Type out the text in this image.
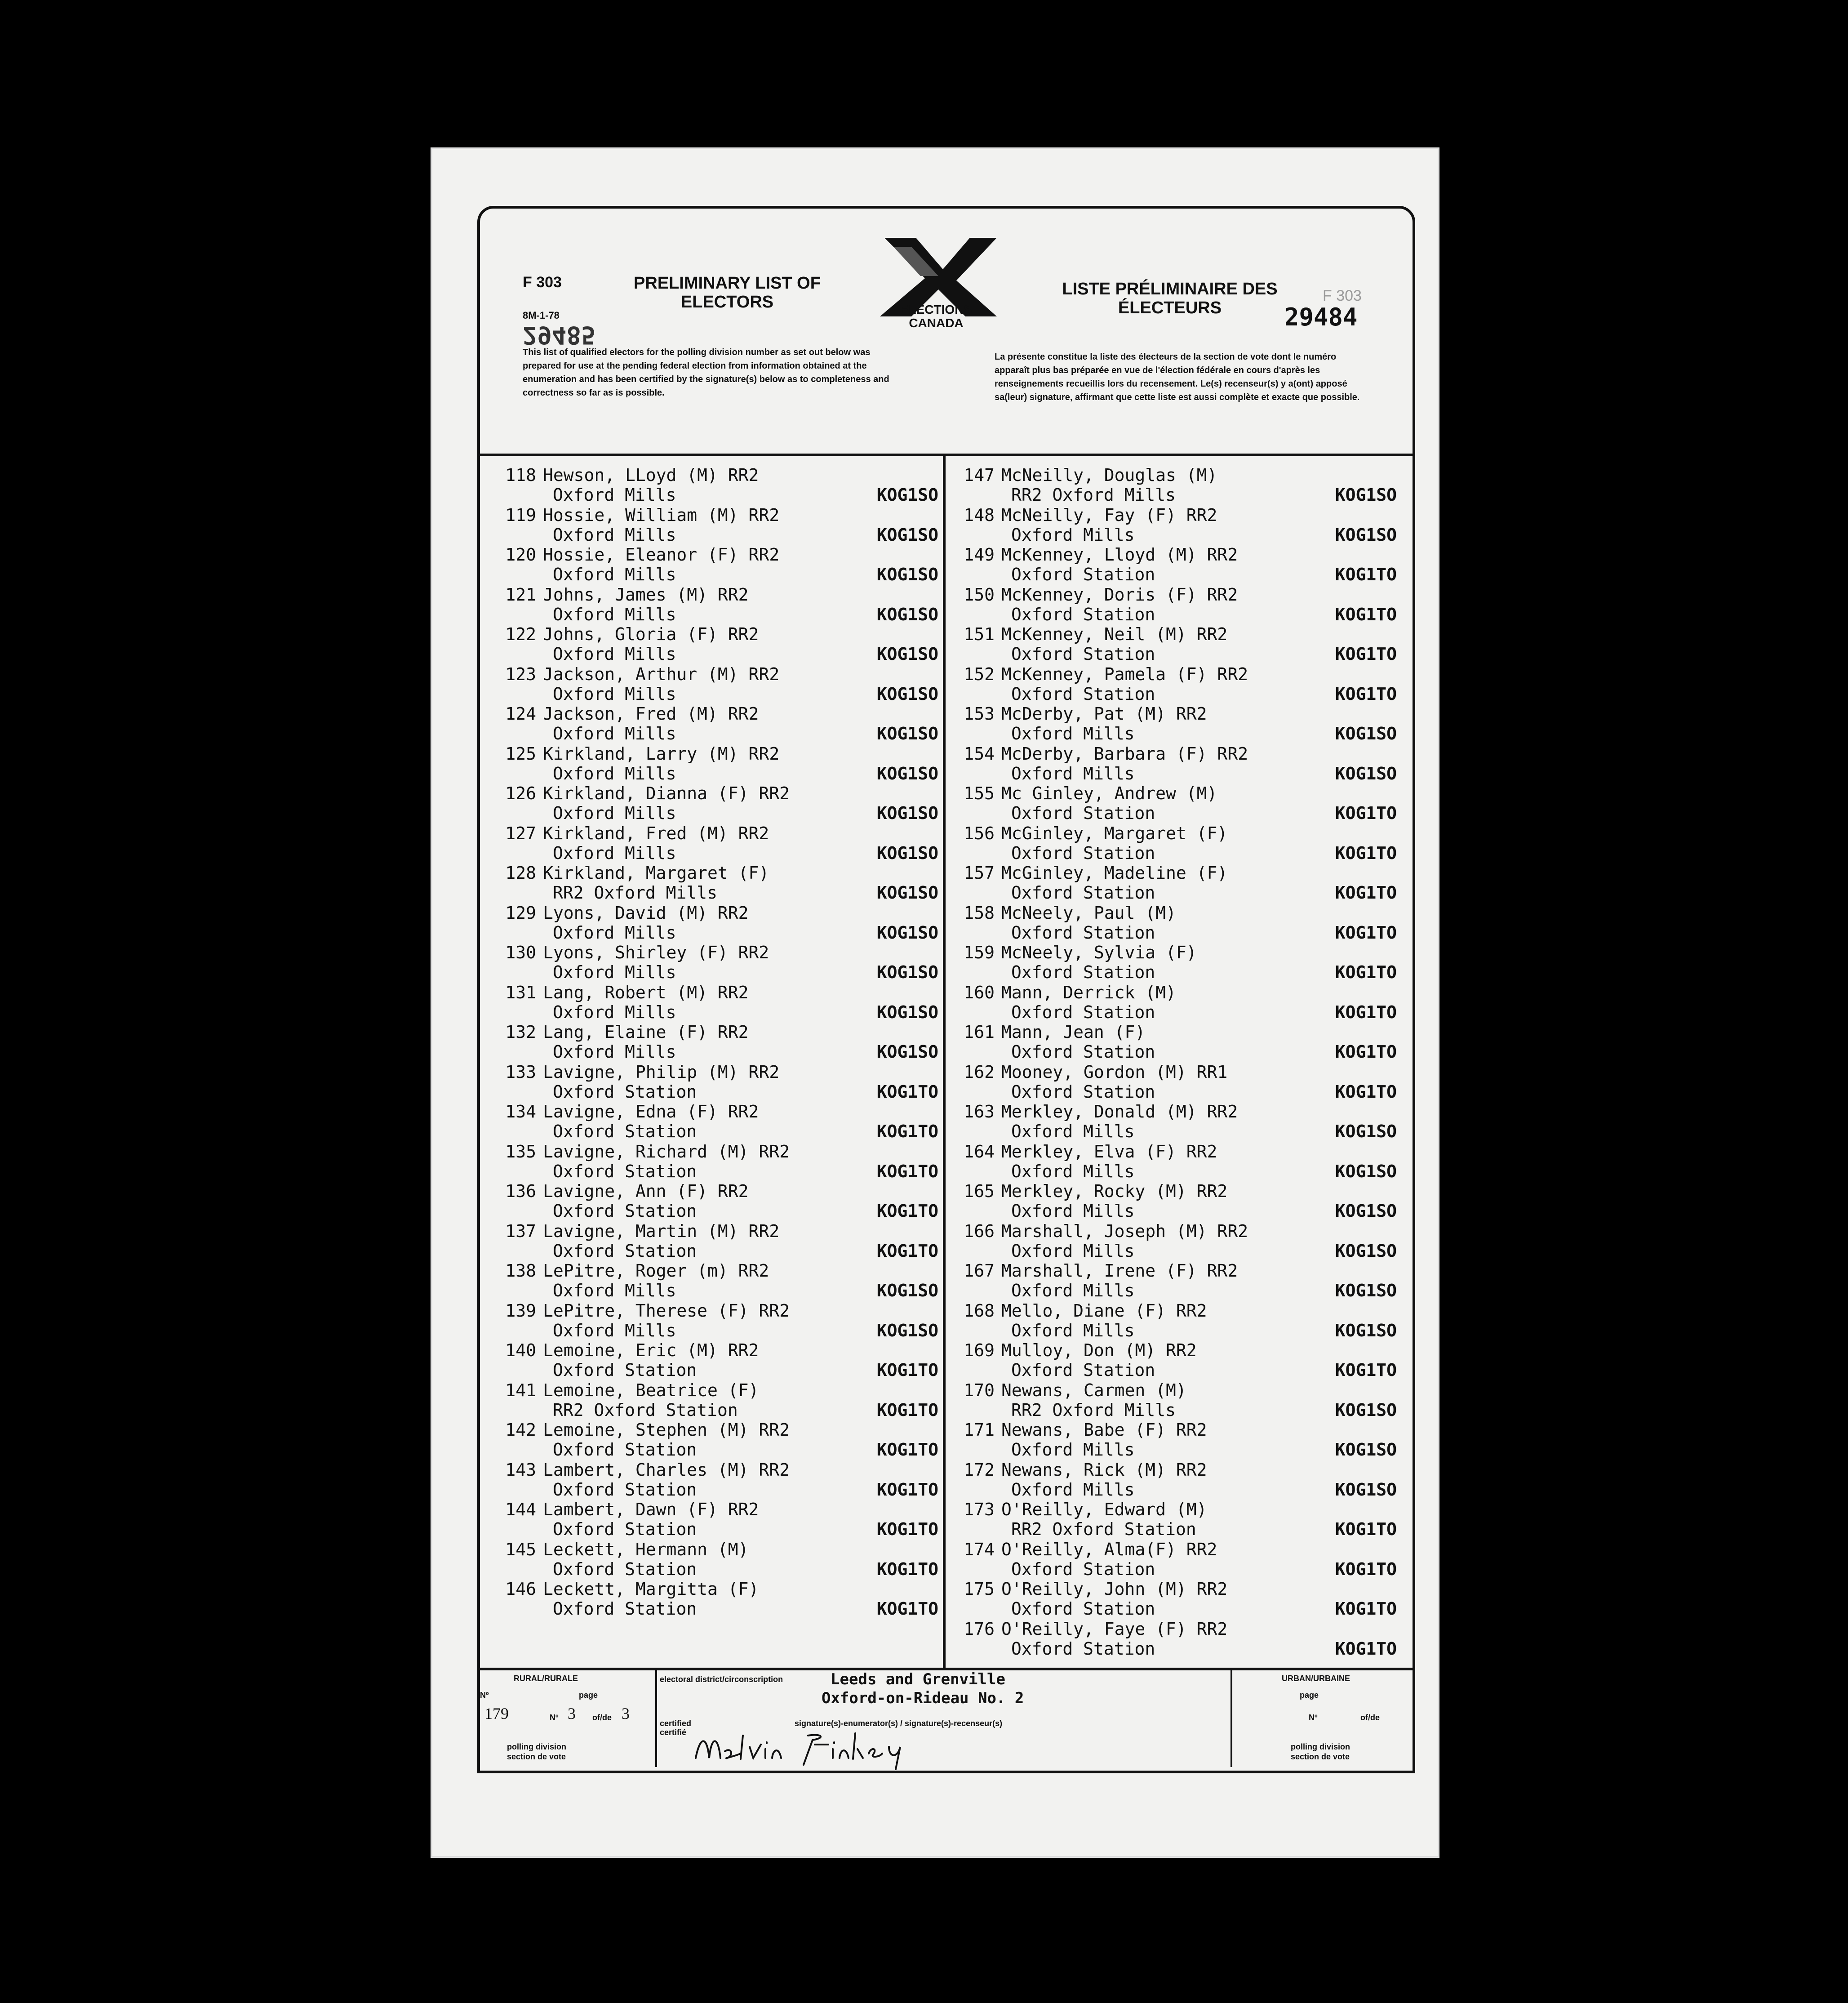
F 303
F 303
PRELIMINARY LIST OF
ELECTORS
LISTE PRÉLIMINAIRE DES
ÉLECTEURS
8M-1-78
29485
29484
ELECTIONS
CANADA
This list of qualified electors for the polling division number as set out below was prepared for use at the pending federal election from information obtained at the enumeration and has been certified by the signature(s) below as to completeness and correctness so far as is possible.
La présente constitue la liste des électeurs de la section de vote dont le numéro apparaît plus bas préparée en vue de l'élection fédérale en cours d'après les renseignements recueillis lors du recensement. Le(s) recenseur(s) y a(ont) apposé sa(leur) signature, affirmant que cette liste est aussi complète et exacte que possible.
118 Hewson, LLoyd (M) RR2
Oxford Mills	KOG1SO
119 Hossie, William (M) RR2
Oxford Mills	KOG1SO
120 Hossie, Eleanor (F) RR2
Oxford Mills	KOG1SO
121 Johns, James (M) RR2
Oxford Mills	KOG1SO
122 Johns, Gloria (F) RR2
Oxford Mills	KOG1SO
123 Jackson, Arthur (M) RR2
Oxford Mills	KOG1SO
124 Jackson, Fred (M) RR2
Oxford Mills	KOG1SO
125 Kirkland, Larry (M) RR2
Oxford Mills	KOG1SO
126 Kirkland, Dianna (F) RR2
Oxford Mills	KOG1SO
127 Kirkland, Fred (M) RR2
Oxford Mills	KOG1SO
128 Kirkland, Margaret (F)
RR2 Oxford Mills	KOG1SO
129 Lyons, David (M) RR2
Oxford Mills	KOG1SO
130 Lyons, Shirley (F) RR2
Oxford Mills	KOG1SO
131 Lang, Robert (M) RR2
Oxford Mills	KOG1SO
132 Lang, Elaine (F) RR2
Oxford Mills	KOG1SO
133 Lavigne, Philip (M) RR2
Oxford Station	KOG1TO
134 Lavigne, Edna (F) RR2
Oxford Station	KOG1TO
135 Lavigne, Richard (M) RR2
Oxford Station	KOG1TO
136 Lavigne, Ann (F) RR2
Oxford Station	KOG1TO
137 Lavigne, Martin (M) RR2
Oxford Station	KOG1TO
138 LePitre, Roger (m) RR2
Oxford Mills	KOG1SO
139 LePitre, Therese (F) RR2
Oxford Mills	KOG1SO
140 Lemoine, Eric (M) RR2
Oxford Station	KOG1TO
141 Lemoine, Beatrice (F)
RR2 Oxford Station	KOG1TO
142 Lemoine, Stephen (M) RR2
Oxford Station	KOG1TO
143 Lambert, Charles (M) RR2
Oxford Station	KOG1TO
144 Lambert, Dawn (F) RR2
Oxford Station	KOG1TO
145 Leckett, Hermann (M)
Oxford Station	KOG1TO
146 Leckett, Margitta (F)
Oxford Station	KOG1TO
147 McNeilly, Douglas (M)
RR2 Oxford Mills	KOG1SO
148 McNeilly, Fay (F) RR2
Oxford Mills	KOG1SO
149 McKenney, Lloyd (M) RR2
Oxford Station	KOG1TO
150 McKenney, Doris (F) RR2
Oxford Station	KOG1TO
151 McKenney, Neil (M) RR2
Oxford Station	KOG1TO
152 McKenney, Pamela (F) RR2
Oxford Station	KOG1TO
153 McDerby, Pat (M) RR2
Oxford Mills	KOG1SO
154 McDerby, Barbara (F) RR2
Oxford Mills	KOG1SO
155 Mc Ginley, Andrew (M)
Oxford Station	KOG1TO
156 McGinley, Margaret (F)
Oxford Station	KOG1TO
157 McGinley, Madeline (F)
Oxford Station	KOG1TO
158 McNeely, Paul (M)
Oxford Station	KOG1TO
159 McNeely, Sylvia (F)
Oxford Station	KOG1TO
160 Mann, Derrick (M)
Oxford Station	KOG1TO
161 Mann, Jean (F)
Oxford Station	KOG1TO
162 Mooney, Gordon (M) RR1
Oxford Station	KOG1TO
163 Merkley, Donald (M) RR2
Oxford Mills	KOG1SO
164 Merkley, Elva (F) RR2
Oxford Mills	KOG1SO
165 Merkley, Rocky (M) RR2
Oxford Mills	KOG1SO
166 Marshall, Joseph (M) RR2
Oxford Mills	KOG1SO
167 Marshall, Irene (F) RR2
Oxford Mills	KOG1SO
168 Mello, Diane (F) RR2
Oxford Mills	KOG1SO
169 Mulloy, Don (M) RR2
Oxford Station	KOG1TO
170 Newans, Carmen (M)
RR2 Oxford Mills	KOG1SO
171 Newans, Babe (F) RR2
Oxford Mills	KOG1SO
172 Newans, Rick (M) RR2
Oxford Mills	KOG1SO
173 O'Reilly, Edward (M)
RR2 Oxford Station	KOG1TO
174 O'Reilly, Alma(F) RR2
Oxford Station	KOG1TO
175 O'Reilly, John (M) RR2
Oxford Station	KOG1TO
176 O'Reilly, Faye (F) RR2
Oxford Station	KOG1TO
RURAL/RURALE
Nº	page
179	Nº 3 of/de 3
polling division
section de vote
electoral district/circonscription	Leeds and Grenville
Oxford-on-Rideau No. 2
certified
certifié
signature(s)-enumerator(s) / signature(s)-recenseur(s)
URBAN/URBAINE
page
Nº	of/de
polling division
section de vote
